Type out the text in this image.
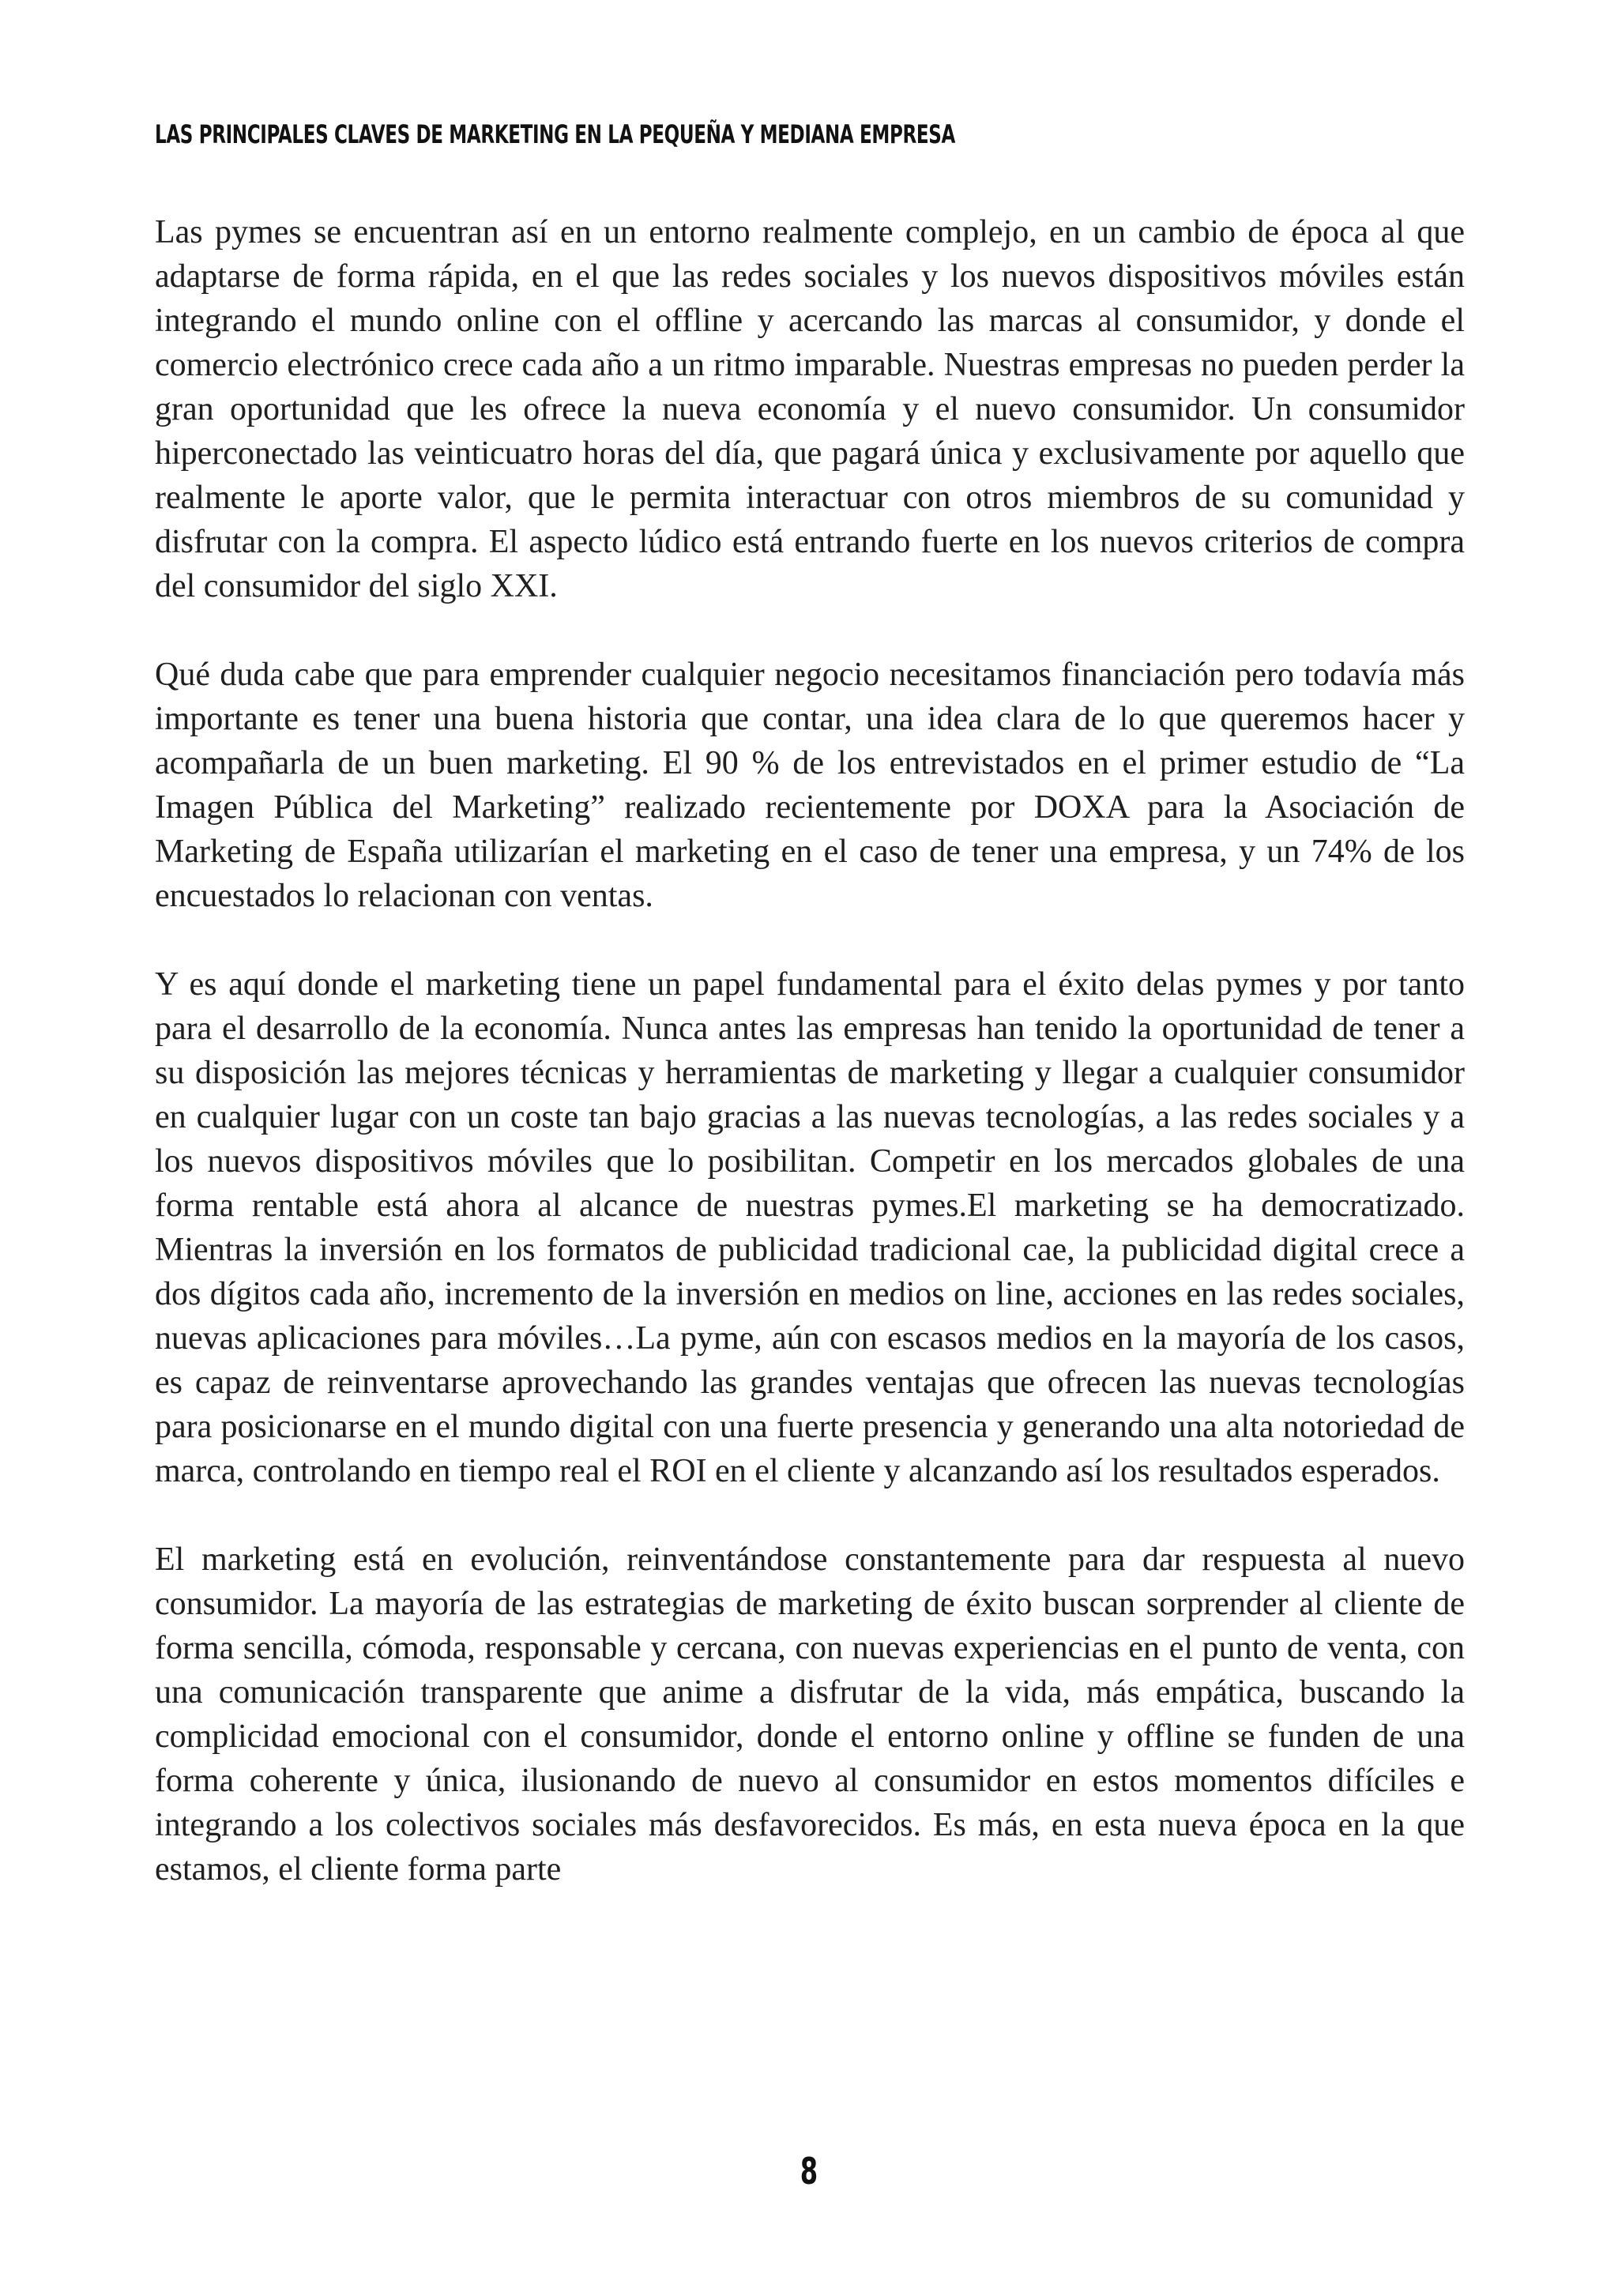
LAS PRINCIPALES CLAVES DE MARKETING EN LA PEQUEÑA Y MEDIANA EMPRESA

Las pymes se encuentran así en un entorno realmente complejo, en un cambio de época al que adaptarse de forma rápida, en el que las redes sociales y los nuevos dispositivos móviles están integrando el mundo online con el offline y acercando las marcas al consumidor, y donde el comercio electrónico crece cada año a un ritmo imparable. Nuestras empresas no pueden perder la gran oportunidad que les ofrece la nueva economía y el nuevo consumidor. Un consumidor hiperconectado las veinticuatro horas del día, que pagará única y exclusivamente por aquello que realmente le aporte valor, que le permita interactuar con otros miembros de su comunidad y disfrutar con la compra. El aspecto lúdico está entrando fuerte en los nuevos criterios de compra del consumidor del siglo XXI.

Qué duda cabe que para emprender cualquier negocio necesitamos financiación pero todavía más importante es tener una buena historia que contar, una idea clara de lo que queremos hacer y acompañarla de un buen marketing. El 90 % de los entrevistados en el primer estudio de “La Imagen Pública del Marketing” realizado recientemente por DOXA para la Asociación de Marketing de España utilizarían el marketing en el caso de tener una empresa, y un 74% de los encuestados lo relacionan con ventas.

Y es aquí donde el marketing tiene un papel fundamental para el éxito delas pymes y por tanto para el desarrollo de la economía. Nunca antes las empresas han tenido la oportunidad de tener a su disposición las mejores técnicas y herramientas de marketing y llegar a cualquier consumidor en cualquier lugar con un coste tan bajo gracias a las nuevas tecnologías, a las redes sociales y a los nuevos dispositivos móviles que lo posibilitan. Competir en los mercados globales de una forma rentable está ahora al alcance de nuestras pymes.El marketing se ha democratizado. Mientras la inversión en los formatos de publicidad tradicional cae, la publicidad digital crece a dos dígitos cada año, incremento de la inversión en medios on line, acciones en las redes sociales, nuevas aplicaciones para móviles…La pyme, aún con escasos medios en la mayoría de los casos, es capaz de reinventarse aprovechando las grandes ventajas que ofrecen las nuevas tecnologías para posicionarse en el mundo digital con una fuerte presencia y generando una alta notoriedad de marca, controlando en tiempo real el ROI en el cliente y alcanzando así los resultados esperados.

El marketing está en evolución, reinventándose constantemente para dar respuesta al nuevo consumidor. La mayoría de las estrategias de marketing de éxito buscan sorprender al cliente de forma sencilla, cómoda, responsable y cercana, con nuevas experiencias en el punto de venta, con una comunicación transparente que anime a disfrutar de la vida, más empática, buscando la complicidad emocional con el consumidor, donde el entorno online y offline se funden de una forma coherente y única, ilusionando de nuevo al consumidor en estos momentos difíciles e integrando a los colectivos sociales más desfavorecidos. Es más, en esta nueva época en la que estamos, el cliente forma parte

8
